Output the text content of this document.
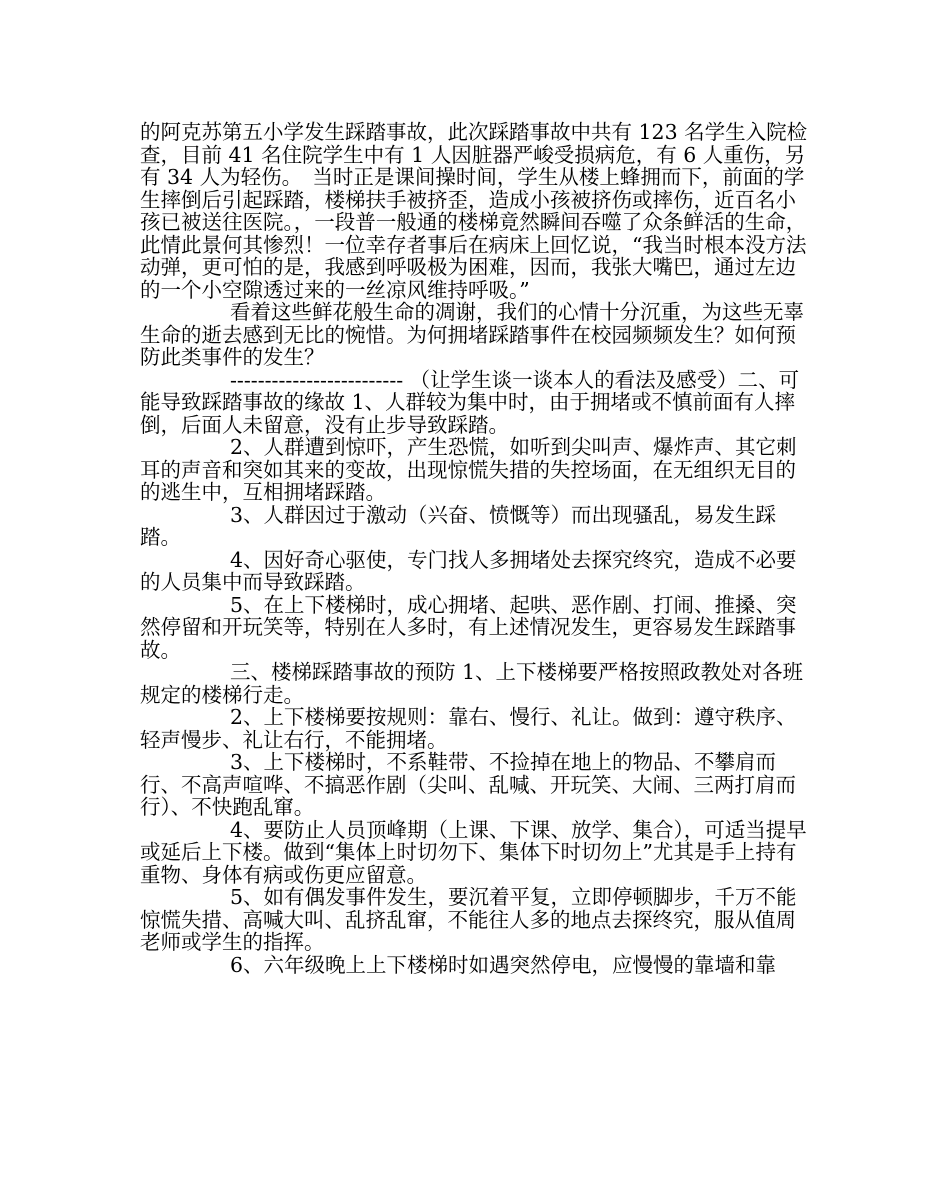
的阿克苏第五小学发生踩踏事故，此次踩踏事故中共有 123 名学生入院检查，目前 41 名住院学生中有 1 人因脏器严峻受损病危，有 6 人重伤，另有 34 人为轻伤。　当时正是课间操时间，学生从楼上蜂拥而下，前面的学生摔倒后引起踩踏，楼梯扶手被挤歪，造成小孩被挤伤或摔伤，近百名小孩已被送往医院。，一段普一般通的楼梯竟然瞬间吞噬了众条鲜活的生命，此情此景何其惨烈！一位幸存者事后在病床上回忆说，“我当时根本没方法动弹，更可怕的是，我感到呼吸极为困难，因而，我张大嘴巴，通过左边的一个小空隙透过来的一丝凉风维持呼吸。”

看着这些鲜花般生命的凋谢，我们的心情十分沉重，为这些无辜生命的逝去感到无比的惋惜。为何拥堵踩踏事件在校园频频发生？如何预防此类事件的发生？

------------------------- （让学生谈一谈本人的看法及感受）二、可能导致踩踏事故的缘故 1、人群较为集中时，由于拥堵或不慎前面有人摔倒，后面人未留意，没有止步导致踩踏。

2、人群遭到惊吓，产生恐慌，如听到尖叫声、爆炸声、其它刺耳的声音和突如其来的变故，出现惊慌失措的失控场面，在无组织无目的的逃生中，互相拥堵踩踏。

3、人群因过于激动（兴奋、愤慨等）而出现骚乱，易发生踩踏。

4、因好奇心驱使，专门找人多拥堵处去探究终究，造成不必要的人员集中而导致踩踏。

5、在上下楼梯时，成心拥堵、起哄、恶作剧、打闹、推搡、突然停留和开玩笑等，特别在人多时，有上述情况发生，更容易发生踩踏事故。

三、楼梯踩踏事故的预防 1、上下楼梯要严格按照政教处对各班规定的楼梯行走。

2、上下楼梯要按规则：靠右、慢行、礼让。做到：遵守秩序、轻声慢步、礼让右行，不能拥堵。

3、上下楼梯时，不系鞋带、不捡掉在地上的物品、不攀肩而行、不高声喧哗、不搞恶作剧（尖叫、乱喊、开玩笑、大闹、三两打肩而行）、不快跑乱窜。

4、要防止人员顶峰期（上课、下课、放学、集合），可适当提早或延后上下楼。做到“集体上时切勿下、集体下时切勿上”尤其是手上持有重物、身体有病或伤更应留意。

5、如有偶发事件发生，要沉着平复，立即停顿脚步，千万不能惊慌失措、高喊大叫、乱挤乱窜，不能往人多的地点去探终究，服从值周老师或学生的指挥。

6、六年级晚上上下楼梯时如遇突然停电，应慢慢的靠墙和靠
